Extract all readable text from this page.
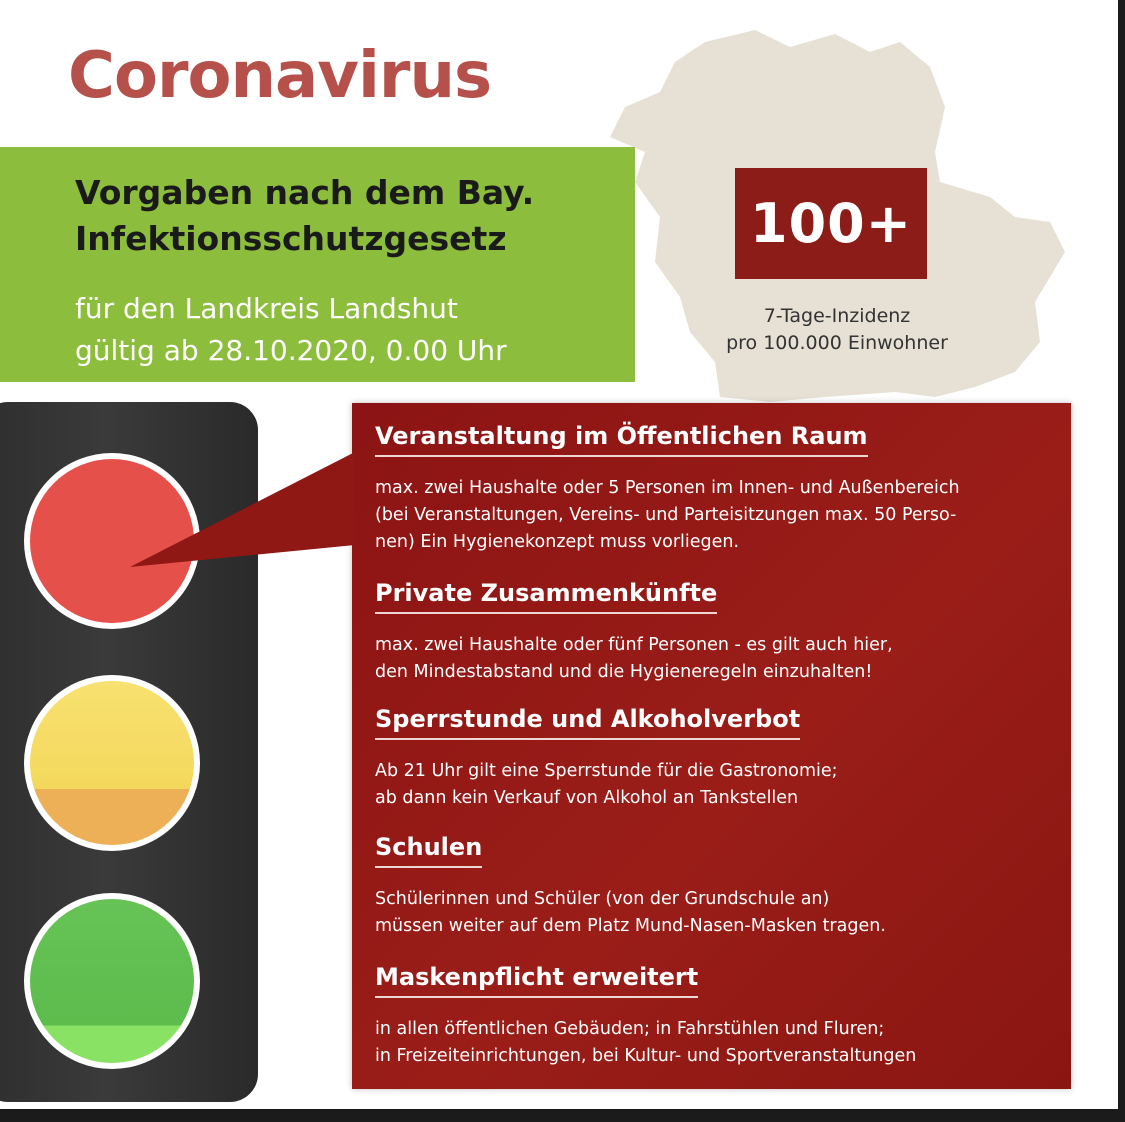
Coronavirus
100+
7-Tage-Inzidenz
pro 100.000 Einwohner
Vorgaben nach dem Bay.
Infektionsschutzgesetz
für den Landkreis Landshut
gültig ab 28.10.2020, 0.00 Uhr
Veranstaltung im Öffentlichen Raum

max. zwei Haushalte oder 5 Personen im Innen- und Außenbereich

(bei Veranstaltungen, Vereins- und Parteisitzungen max. 50 Perso-

nen) Ein Hygienekonzept muss vorliegen.

Private Zusammenkünfte

max. zwei Haushalte oder fünf Personen - es gilt auch hier,

den Mindestabstand und die Hygieneregeln einzuhalten!

Sperrstunde und Alkoholverbot

Ab 21 Uhr gilt eine Sperrstunde für die Gastronomie;

ab dann kein Verkauf von Alkohol an Tankstellen

Schulen

Schülerinnen und Schüler (von der Grundschule an)

müssen weiter auf dem Platz Mund-Nasen-Masken tragen.

Maskenpflicht erweitert

in allen öffentlichen Gebäuden; in Fahrstühlen und Fluren;

in Freizeiteinrichtungen, bei Kultur- und Sportveranstaltungen
